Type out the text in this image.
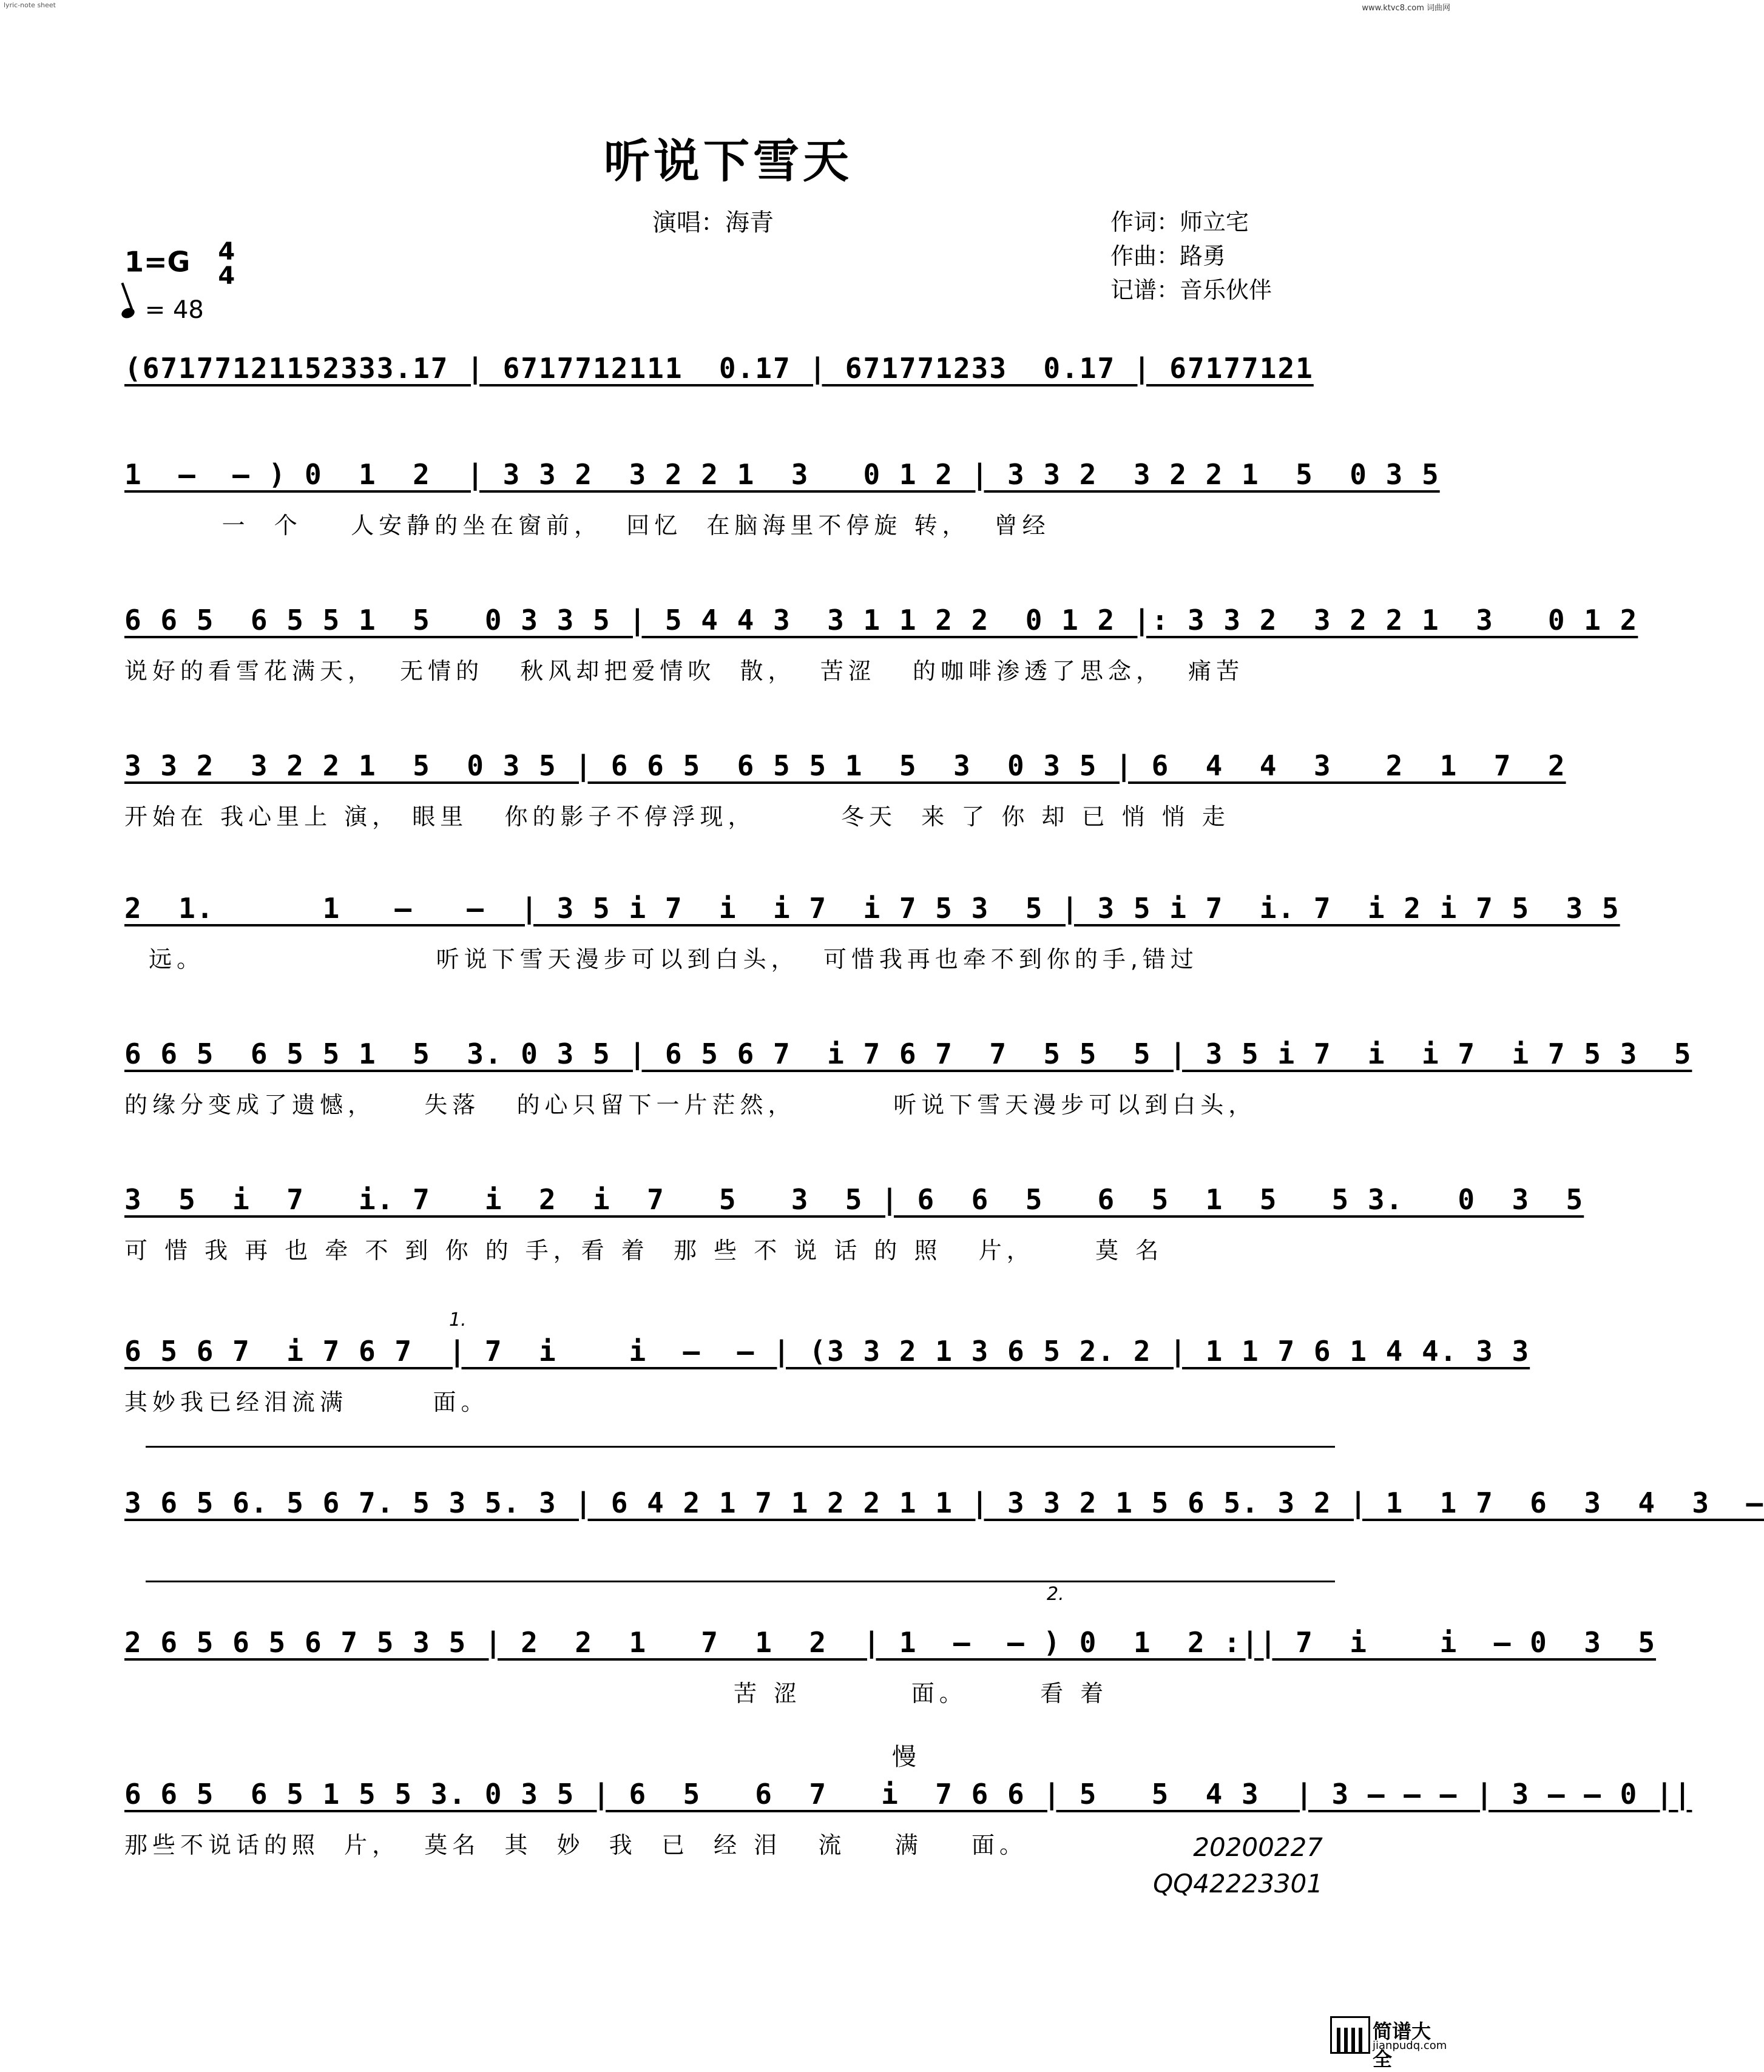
lyric-note sheet	www.ktvc8.com 词曲网
听说下雪天
演唱：海青	作词：师立宅
作曲：路勇
记谱：音乐伙伴
1=G 4
4
= 48
(67177121152333.17 | 6717712111  0.17 | 671771233  0.17 | 67177121
1  –  – ) 0  1  2  | 3 3 2  3 2 2 1  3   0 1 2 | 3 3 2  3 2 2 1  5  0 3 5
一  个    人安静的坐在窗前，  回忆  在脑海里不停旋 转，  曾经
6 6 5  6 5 5 1  5   0 3 3 5 | 5 4 4 3  3 1 1 2 2  0 1 2 |: 3 3 2  3 2 2 1  3   0 1 2
说好的看雪花满天，  无情的   秋风却把爱情吹  散，  苦涩   的咖啡渗透了思念，  痛苦
3 3 2  3 2 2 1  5  0 3 5 | 6 6 5  6 5 5 1  5  3  0 3 5 | 6  4  4  3   2  1  7  2
开始在 我心里上 演， 眼里   你的影子不停浮现，       冬天  来 了 你 却 已 悄 悄 走
2  1.      1   –   –  | 3 5 i 7  i  i 7  i 7 5 3  5 | 3 5 i 7  i. 7  i 2 i 7 5  3 5
远。                   听说下雪天漫步可以到白头，  可惜我再也牵不到你的手,错过
6 6 5  6 5 5 1  5  3. 0 3 5 | 6 5 6 7  i 7 6 7  7  5 5  5 | 3 5 i 7  i  i 7  i 7 5 3  5
的缘分变成了遗憾，    失落   的心只留下一片茫然，        听说下雪天漫步可以到白头，
3  5  i  7   i. 7   i  2  i  7   5   3  5 | 6  6  5   6  5  1  5   5 3.   0  3  5
可 惜 我 再 也 牵 不 到 你 的 手，看 着  那 些 不 说 话 的 照   片，     莫 名
1.
6 5 6 7  i 7 6 7  | 7  i    i  –  – | (3 3 2 1 3 6 5 2. 2 | 1 1 7 6 1 4 4. 3 3
其妙我已经泪流满       面。
3 6 5 6. 5 6 7. 5 3 5. 3 | 6 4 2 1 7 1 2 2 1 1 | 3 3 2 1 5 6 5. 3 2 | 1  1 7  6  3  4  3  –
2.
2 6 5 6 5 6 7 5 3 5 | 2  2  1   7  1  2  | 1  –  – ) 0  1  2 :|| 7  i    i  – 0  3  5
苦 涩         面。      看 着
慢
6 6 5  6 5 1 5 5 3. 0 3 5 | 6  5   6  7   i  7 6 6 | 5   5  4 3  | 3 – – – | 3 – – 0 ||
那些不说话的照  片，  莫名  其  妙  我  已  经 泪   流    满    面。	20200227
QQ42223301
简谱大全
jianpudq.com
